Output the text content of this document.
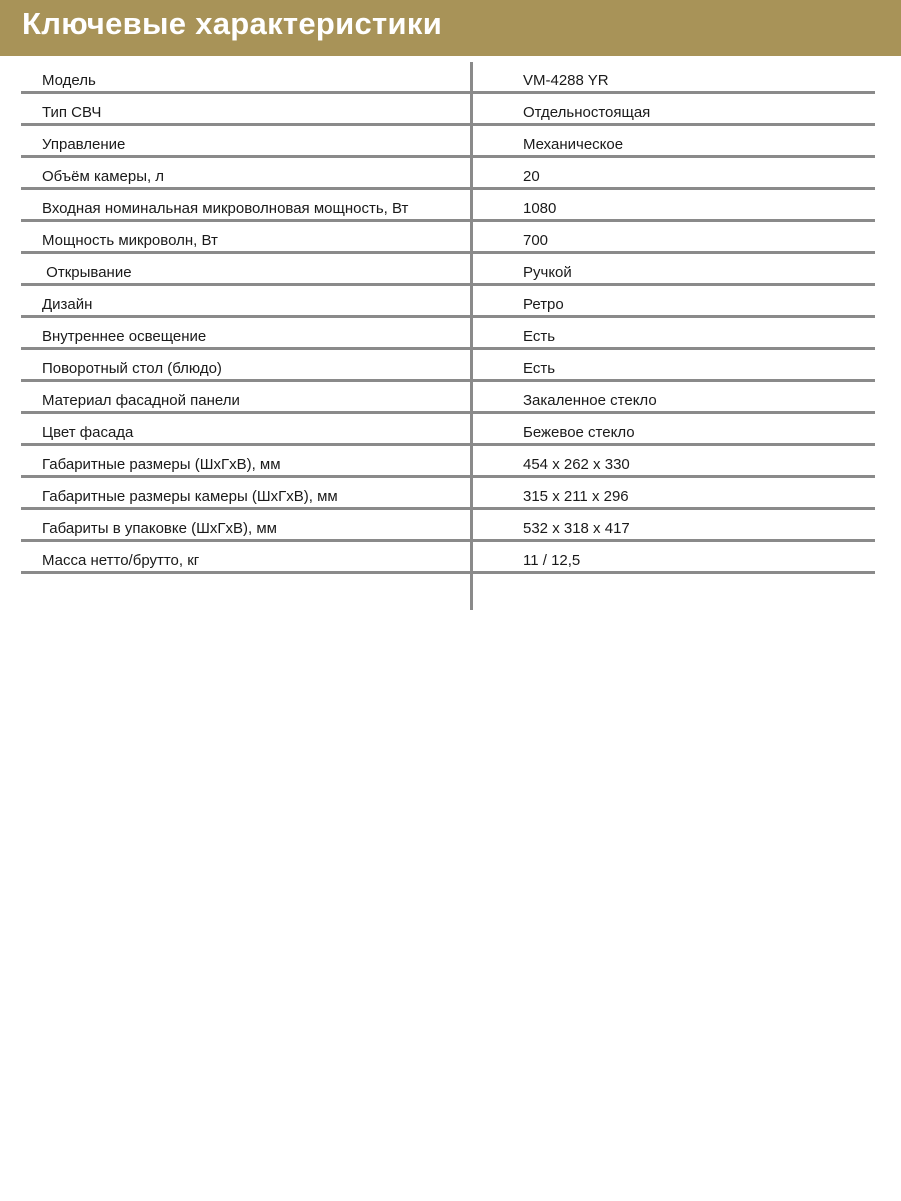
Ключевые характеристики
Модель	VM-4288 YR
Тип СВЧ	Отдельностоящая
Управление	Механическое
Объём камеры, л	20
Входная номинальная микроволновая мощность, Вт	1080
Мощность микроволн, Вт	700
Открывание	Ручкой
Дизайн	Ретро
Внутреннее освещение	Есть
Поворотный стол (блюдо)	Есть
Материал фасадной панели	Закаленное стекло
Цвет фасада	Бежевое стекло
Габаритные размеры (ШхГхВ), мм	454 x 262 x 330
Габаритные размеры камеры (ШхГхВ), мм	315 x 211 x 296
Габариты в упаковке (ШхГхВ), мм	532 x 318 x 417
Масса нетто/брутто, кг	11 / 12,5
